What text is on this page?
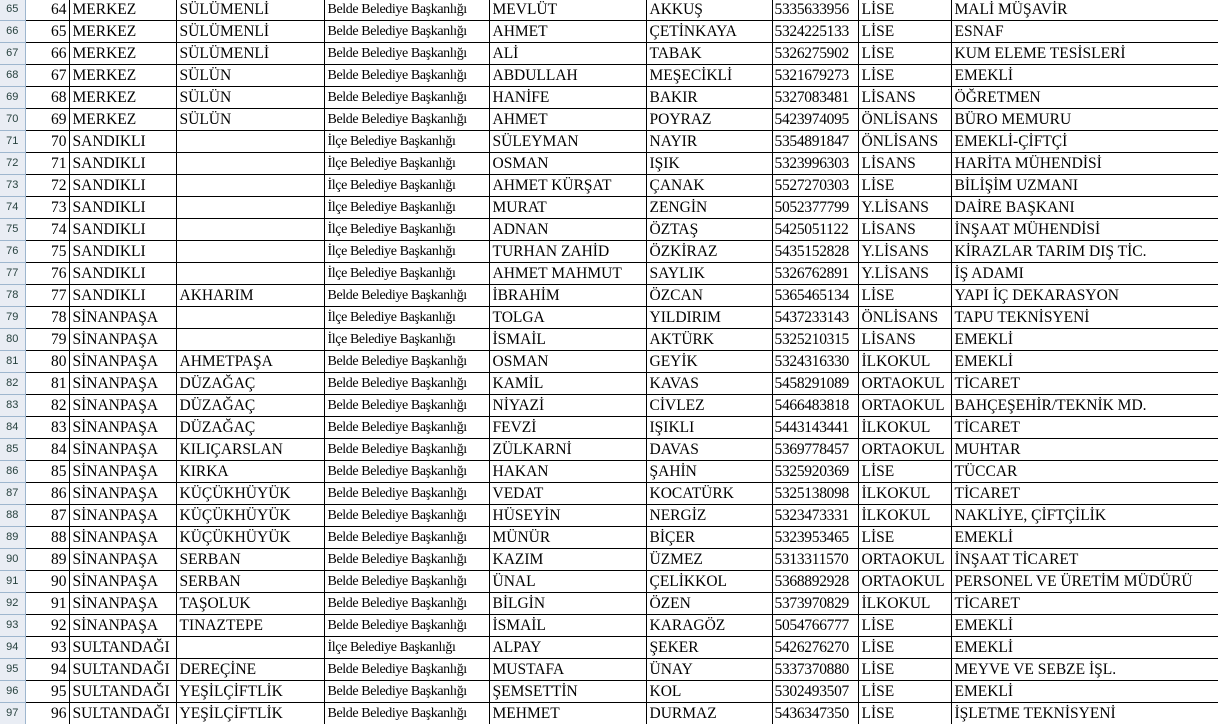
65	64	MERKEZ	SÜLÜMENLİ	Belde Belediye Başkanlığı	MEVLÜT	AKKUŞ	5335633956	LİSE	MALİ MÜŞAVİR
66	65	MERKEZ	SÜLÜMENLİ	Belde Belediye Başkanlığı	AHMET	ÇETİNKAYA	5324225133	LİSE	ESNAF
67	66	MERKEZ	SÜLÜMENLİ	Belde Belediye Başkanlığı	ALİ	TABAK	5326275902	LİSE	KUM ELEME TESİSLERİ
68	67	MERKEZ	SÜLÜN	Belde Belediye Başkanlığı	ABDULLAH	MEŞECİKLİ	5321679273	LİSE	EMEKLİ
69	68	MERKEZ	SÜLÜN	Belde Belediye Başkanlığı	HANİFE	BAKIR	5327083481	LİSANS	ÖĞRETMEN
70	69	MERKEZ	SÜLÜN	Belde Belediye Başkanlığı	AHMET	POYRAZ	5423974095	ÖNLİSANS	BÜRO MEMURU
71	70	SANDIKLI		İlçe Belediye Başkanlığı	SÜLEYMAN	NAYIR	5354891847	ÖNLİSANS	EMEKLİ-ÇİFTÇİ
72	71	SANDIKLI		İlçe Belediye Başkanlığı	OSMAN	IŞIK	5323996303	LİSANS	HARİTA MÜHENDİSİ
73	72	SANDIKLI		İlçe Belediye Başkanlığı	AHMET KÜRŞAT	ÇANAK	5527270303	LİSE	BİLİŞİM UZMANI
74	73	SANDIKLI		İlçe Belediye Başkanlığı	MURAT	ZENGİN	5052377799	Y.LİSANS	DAİRE BAŞKANI
75	74	SANDIKLI		İlçe Belediye Başkanlığı	ADNAN	ÖZTAŞ	5425051122	LİSANS	İNŞAAT MÜHENDİSİ
76	75	SANDIKLI		İlçe Belediye Başkanlığı	TURHAN ZAHİD	ÖZKİRAZ	5435152828	Y.LİSANS	KİRAZLAR TARIM DIŞ TİC.
77	76	SANDIKLI		İlçe Belediye Başkanlığı	AHMET MAHMUT	SAYLIK	5326762891	Y.LİSANS	İŞ ADAMI
78	77	SANDIKLI	AKHARIM	Belde Belediye Başkanlığı	İBRAHİM	ÖZCAN	5365465134	LİSE	YAPI İÇ DEKARASYON
79	78	SİNANPAŞA		İlçe Belediye Başkanlığı	TOLGA	YILDIRIM	5437233143	ÖNLİSANS	TAPU TEKNİSYENİ
80	79	SİNANPAŞA		İlçe Belediye Başkanlığı	İSMAİL	AKTÜRK	5325210315	LİSANS	EMEKLİ
81	80	SİNANPAŞA	AHMETPAŞA	Belde Belediye Başkanlığı	OSMAN	GEYİK	5324316330	İLKOKUL	EMEKLİ
82	81	SİNANPAŞA	DÜZAĞAÇ	Belde Belediye Başkanlığı	KAMİL	KAVAS	5458291089	ORTAOKUL	TİCARET
83	82	SİNANPAŞA	DÜZAĞAÇ	Belde Belediye Başkanlığı	NİYAZİ	CİVLEZ	5466483818	ORTAOKUL	BAHÇEŞEHİR/TEKNİK MD.
84	83	SİNANPAŞA	DÜZAĞAÇ	Belde Belediye Başkanlığı	FEVZİ	IŞIKLI	5443143441	İLKOKUL	TİCARET
85	84	SİNANPAŞA	KILIÇARSLAN	Belde Belediye Başkanlığı	ZÜLKARNİ	DAVAS	5369778457	ORTAOKUL	MUHTAR
86	85	SİNANPAŞA	KIRKA	Belde Belediye Başkanlığı	HAKAN	ŞAHİN	5325920369	LİSE	TÜCCAR
87	86	SİNANPAŞA	KÜÇÜKHÜYÜK	Belde Belediye Başkanlığı	VEDAT	KOCATÜRK	5325138098	İLKOKUL	TİCARET
88	87	SİNANPAŞA	KÜÇÜKHÜYÜK	Belde Belediye Başkanlığı	HÜSEYİN	NERGİZ	5323473331	İLKOKUL	NAKLİYE, ÇİFTÇİLİK
89	88	SİNANPAŞA	KÜÇÜKHÜYÜK	Belde Belediye Başkanlığı	MÜNÜR	BİÇER	5323953465	LİSE	EMEKLİ
90	89	SİNANPAŞA	SERBAN	Belde Belediye Başkanlığı	KAZIM	ÜZMEZ	5313311570	ORTAOKUL	İNŞAAT TİCARET
91	90	SİNANPAŞA	SERBAN	Belde Belediye Başkanlığı	ÜNAL	ÇELİKKOL	5368892928	ORTAOKUL	PERSONEL VE ÜRETİM MÜDÜRÜ
92	91	SİNANPAŞA	TAŞOLUK	Belde Belediye Başkanlığı	BİLGİN	ÖZEN	5373970829	İLKOKUL	TİCARET
93	92	SİNANPAŞA	TINAZTEPE	Belde Belediye Başkanlığı	İSMAİL	KARAGÖZ	5054766777	LİSE	EMEKLİ
94	93	SULTANDAĞI		İlçe Belediye Başkanlığı	ALPAY	ŞEKER	5426276270	LİSE	EMEKLİ
95	94	SULTANDAĞI	DEREÇİNE	Belde Belediye Başkanlığı	MUSTAFA	ÜNAY	5337370880	LİSE	MEYVE VE SEBZE İŞL.
96	95	SULTANDAĞI	YEŞİLÇİFTLİK	Belde Belediye Başkanlığı	ŞEMSETTİN	KOL	5302493507	LİSE	EMEKLİ
97	96	SULTANDAĞI	YEŞİLÇİFTLİK	Belde Belediye Başkanlığı	MEHMET	DURMAZ	5436347350	LİSE	İŞLETME TEKNİSYENİ
